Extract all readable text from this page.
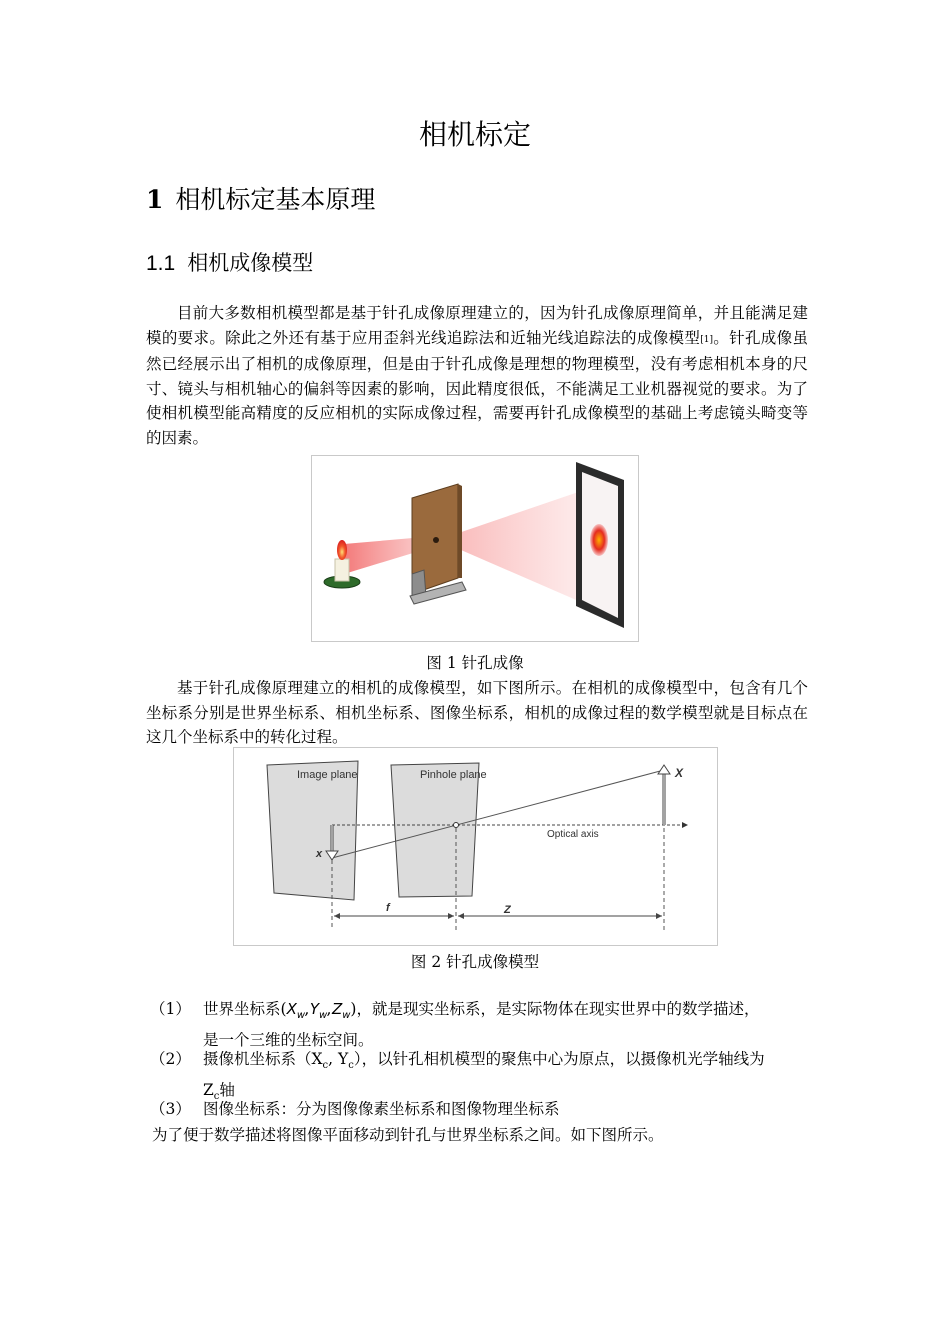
相机标定
1 相机标定基本原理
1.1 相机成像模型

目前大多数相机模型都是基于针孔成像原理建立的，因为针孔成像原理简单，并且能满足建模的要求。除此之外还有基于应用歪斜光线追踪法和近轴光线追踪法的成像模型[1]。针孔成像虽然已经展示出了相机的成像原理，但是由于针孔成像是理想的物理模型，没有考虑相机本身的尺寸、镜头与相机轴心的偏斜等因素的影响，因此精度很低，不能满足工业机器视觉的要求。为了使相机模型能高精度的反应相机的实际成像过程，需要再针孔成像模型的基础上考虑镜头畸变等的因素。

图 1 针孔成像

基于针孔成像原理建立的相机的成像模型，如下图所示。在相机的成像模型中，包含有几个坐标系分别是世界坐标系、相机坐标系、图像坐标系，相机的成像过程的数学模型就是目标点在这几个坐标系中的转化过程。

Image plane	Pinhole plane
Optical axis
X
x
f	Z
图 2 针孔成像模型
（1） 世界坐标系$(X_w,Y_w,Z_w)$，就是现实坐标系，是实际物体在现实世界中的数学描述，
是一个三维的坐标空间。
（2） 摄像机坐标系（$X_c$, $Y_c$），以针孔相机模型的聚焦中心为原点，以摄像机光学轴线为
$Z_c$轴
（3） 图像坐标系：分为图像像素坐标系和图像物理坐标系
为了便于数学描述将图像平面移动到针孔与世界坐标系之间。如下图所示。
